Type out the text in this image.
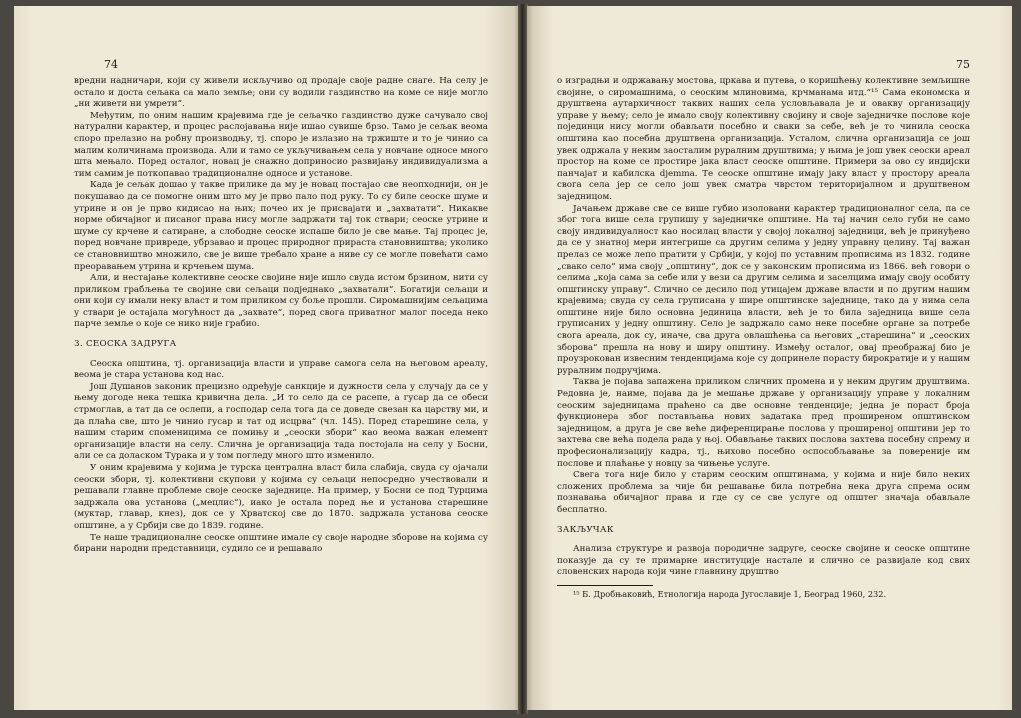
74

вредни надничари, који су живели искључиво од продаје своје радне снаге. На селу је остало и доста сељака са мало земље; они су водили газдинство на коме се није могло „ни живети ни умрети“.

Међутим, по оним нашим крајевима где је сељачко газдинство дуже сачувало свој натурални карактер, и процес раслојавања није ишао сувише брзо. Тамо је сељак веома споро прелазио на робну производњу, тј. споро је излазио на тржиште и то је чинио са малим количинама производа. Али и тамо се укључивањем села у новчане односе много шта мењало. Поред осталог, новац је снажно доприносио развијању индивидуализма а тим самим је поткопавао традиционалне односе и установе.

Када је сељак дошао у такве прилике да му је новац постајао све неопходнији, он је покушавао да се помогне оним што му је прво пало под руку. То су биле сеоске шуме и утрине и он је прво кидисао на њих; почео их је присвајати и „захватати“. Никакве норме обичајног и писаног права нису могле задржати тај ток ствари; сеоске утрине и шуме су крчене и сатиране, а слободне сеоске испаше било је све мање. Тај процес је, поред новчане привреде, убрзавао и процес природног прираста становништва; уколико се становништво множило, све је више требало хране а ниве су се могле повећати само преоравањем утрина и крчењем шума.

Али, и нестајање колективне сеоске својине није ишло свуда истом брзином, нити су приликом грабљења те својине сви сељаци подједнако „захватали“. Богатији сељаци и они који су имали неку власт и том приликом су боље прошли. Сиромашнијим сељацима у ствари је остајала могућност да „захвате“, поред свога приватног малог поседа неко парче земље о које се нико није грабио.

3. СЕОСКА ЗАДРУГА

Сеоска општина, тј. организација власти и управе самога села на његовом ареалу, веома је стара установа код нас.

Још Душанов законик прецизно одређује санкције и дужности села у случају да се у њему догоде нека тешка кривична дела. „И то село да се расепе, а гусар да се обеси стрмоглав, а тат да се ослепи, а господар села тога да се доведе свезан ка царству ми, и да плаћа све, што је чинио гусар и тат од исцрва“ (чл. 145). Поред старешине села, у нашим старим споменицима се помињу и „сеоски збори“ као веома важан елемент организације власти на селу. Слична је организација тада постојала на селу у Босни, али се са доласком Турака и у том погледу много што изменило.

У оним крајевима у којима је турска централна власт била слабија, свуда су ојачали сеоски збори, тј. колективни скупови у којима су сељаци непосредно учествовали и решавали главне проблеме своје сеоске заједнице. На пример, у Босни се под Турцима задржала ова установа („мецлис“), иако је остала поред ње и установа старешине (муктар, главар, кнез), док се у Хрватској све до 1870. задржала установа сеоске општине, а у Србији све до 1839. године.

Те наше традиционалне сеоске општине имале су своје народне зборове на којима су бирани народни представници, судило се и решавало

75

о изградњи и одржавању мостова, цркава и путева, о коришћењу колективне земљишне својине, о сиромашнима, о сеоским млиновима, крчманама итд.“¹⁵ Сама економска и друштвена аутархичност таквих наших села условљавала је и овакву организацију управе у њему; село је имало своју колективну својину и своје заједничке послове које појединци нису могли обављати посебно и сваки за себе, већ је то чинила сеоска општина као посебна друштвена организација. Усталом, слична организација се још увек одржала у неким заосталим руралним друштвима; у њима је још увек сеоски ареал простор на коме се простире јака власт сеоске општине. Примери за ово су индијски панчајат и кабилска djemma. Те сеоске општине имају јаку власт у простору ареала свога села јер се село још увек сматра чврстом територијалном и друштвеном заједницом.

Јачањем државе све се више губио изоловани карактер традиционалног села, па се због тога више села групишу у заједничке општине. На тај начин село губи не само своју индивидуалност као носилац власти у својој локалној заједници, већ је принуђено да се у знатној мери интегрише са другим селима у једну управну целину. Тај важан прелаз се може лепо пратити у Србији, у којој по уставним прописима из 1832. године „свако село“ има своју „општину“, док се у законским прописима из 1866. већ говори о селима „која сама за себе или у вези са другим селима и заселцима имају своју особиту општинску управу“. Слично се десило под утицајем државе власти и по другим нашим крајевима; свуда су села груписана у шире општинске заједнице, тако да у нима села општине није било основна јединица власти, већ је то била заједница више села груписаних у једну општину. Село је задржало само неке посебне органе за потребе свога ареала, док су, иначе, сва друга овлашћења са његових „старешина“ и „сеоских зборова“ прешла на нову и ширу општину. Између осталог, овај преображај био је проузрокован извесним тенденцијама које су допринеле порасту бирократије и у нашим руралним подручјима.

Таква је појава запажена приликом сличних промена и у неким другим друштвима. Редовна је, наиме, појава да је мешање државе у организацију управе у локалним сеоским заједницама праћено са две основне тенденције; једна је пораст броја функционера због постављања нових задатака пред проширеном општинском заједницом, а друга је све веће диференцирање послова у проширеној општини јер то захтева све већа подела рада у њој. Обављање таквих послова захтева посебну спрему и професионализацију кадра, тј., њихово посебно оспособљавање за повереније им послове и плаћање у новцу за чињење услуге.

Свега тога није било у старим сеоским општинама, у којима и није било неких сложених проблема за чије би решавање била потребна нека друга спрема осим познавања обичајног права и где су се све услуге од општег значаја обављале бесплатно.

ЗАКЉУЧАК

Анализа структуре и развоја породичне задруге, сеоске својине и сеоске општине показује да су те примарне институције настале и слично се развијале код свих словенских народа који чине главнину друштво

¹⁵ Б. Дробњаковић, Етнологија народа Југославије 1, Београд 1960, 232.
